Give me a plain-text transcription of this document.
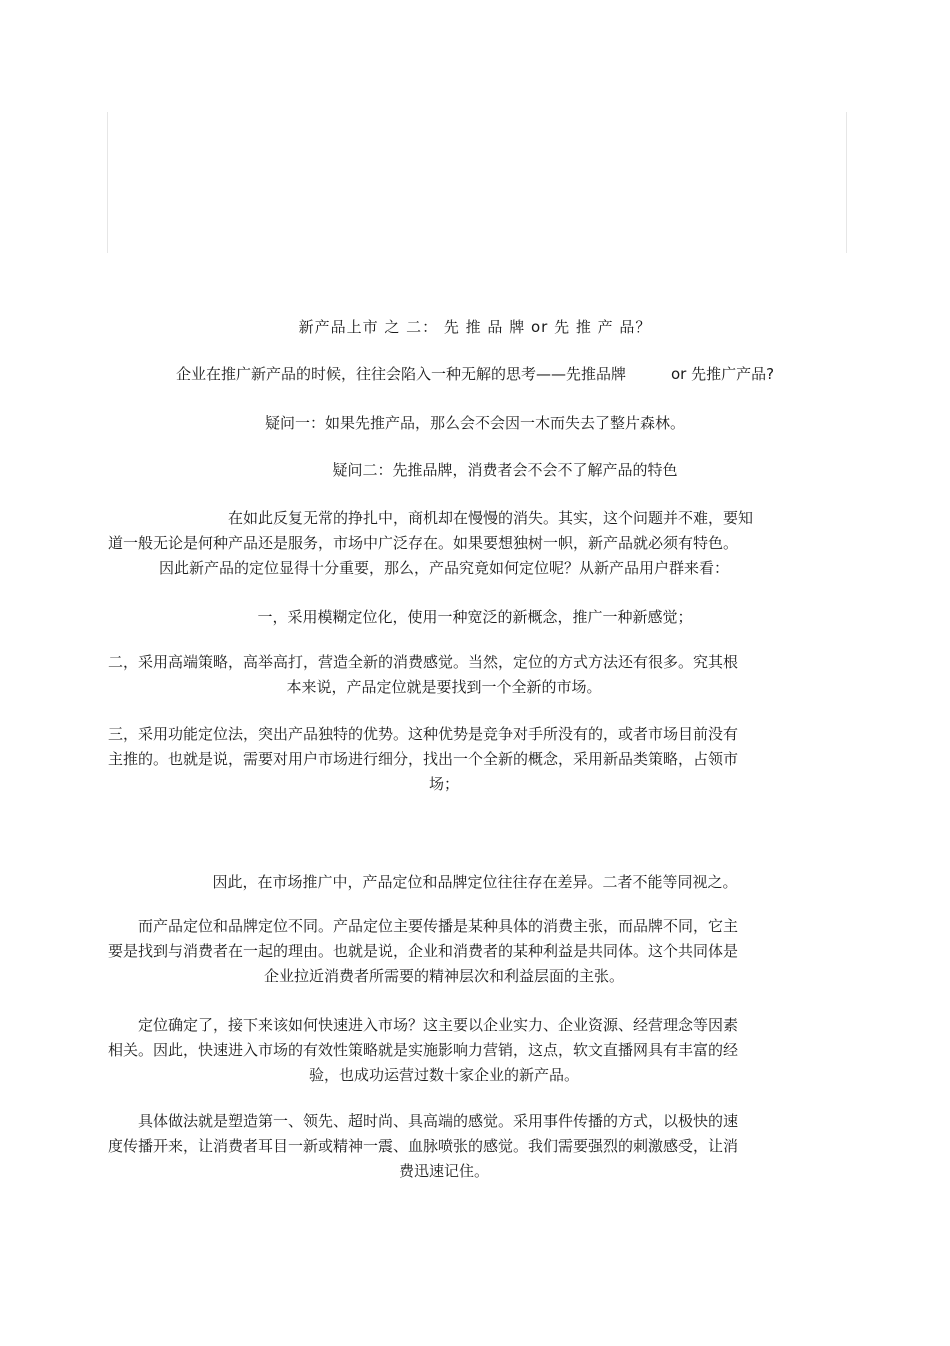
新产品上市 之 二： 先 推 品 牌 or 先 推 产 品？
企业在推广新产品的时候，往往会陷入一种无解的思考——先推品牌　　　or 先推广产品?
疑问一：如果先推产品，那么会不会因一木而失去了整片森林。
疑问二：先推品牌，消费者会不会不了解产品的特色
在如此反复无常的挣扎中，商机却在慢慢的消失。其实，这个问题并不难，要知
道一般无论是何种产品还是服务，市场中广泛存在。如果要想独树一帜，新产品就必须有特色。
因此新产品的定位显得十分重要，那么，产品究竟如何定位呢？从新产品用户群来看：
一，采用模糊定位化，使用一种宽泛的新概念，推广一种新感觉；
二，采用高端策略，高举高打，营造全新的消费感觉。当然，定位的方式方法还有很多。究其根
本来说，产品定位就是要找到一个全新的市场。
三，采用功能定位法，突出产品独特的优势。这种优势是竞争对手所没有的，或者市场目前没有
主推的。也就是说，需要对用户市场进行细分，找出一个全新的概念，采用新品类策略，占领市
场；
因此，在市场推广中，产品定位和品牌定位往往存在差异。二者不能等同视之。
　　而产品定位和品牌定位不同。产品定位主要传播是某种具体的消费主张，而品牌不同，它主
要是找到与消费者在一起的理由。也就是说，企业和消费者的某种利益是共同体。这个共同体是
企业拉近消费者所需要的精神层次和利益层面的主张。
　　定位确定了，接下来该如何快速进入市场？这主要以企业实力、企业资源、经营理念等因素
相关。因此，快速进入市场的有效性策略就是实施影响力营销，这点，软文直播网具有丰富的经
验，也成功运营过数十家企业的新产品。
　　具体做法就是塑造第一、领先、超时尚、具高端的感觉。采用事件传播的方式，以极快的速
度传播开来，让消费者耳目一新或精神一震、血脉喷张的感觉。我们需要强烈的刺激感受，让消
费迅速记住。
